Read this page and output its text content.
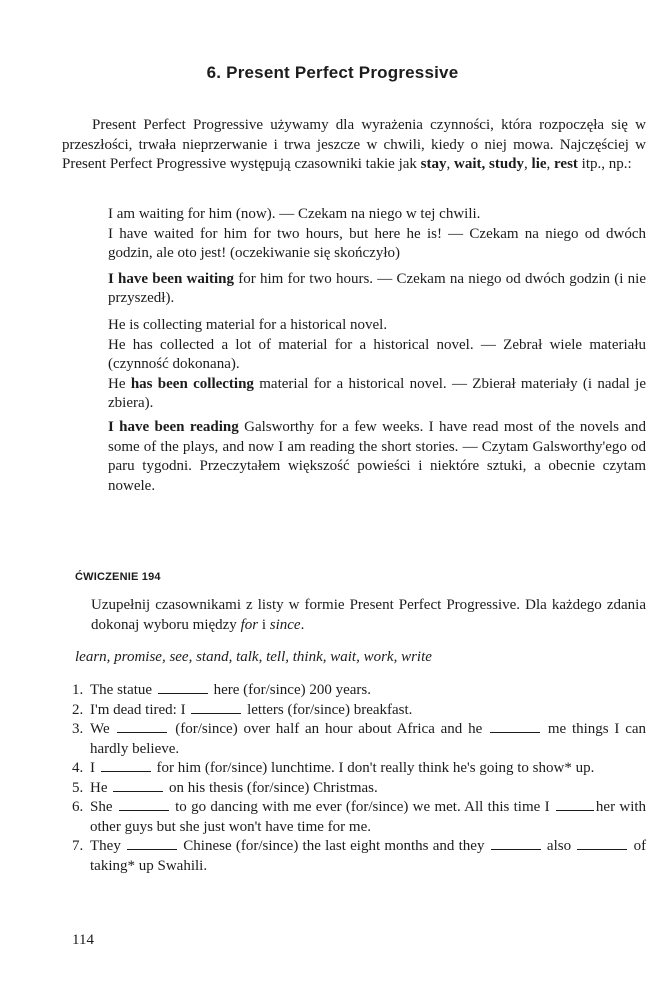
6. Present Perfect Progressive
Present Perfect Progressive używamy dla wyrażenia czynności, która rozpoczęła się w przeszłości, trwała nieprzerwanie i trwa jeszcze w chwili, kiedy o niej mowa. Najczęściej w Present Perfect Progressive występują czasowniki takie jak stay, wait, study, lie, rest itp., np.:

I am waiting for him (now). — Czekam na niego w tej chwili.

I have waited for him for two hours, but here he is! — Czekam na niego od dwóch godzin, ale oto jest! (oczekiwanie się skończyło)

I have been waiting for him for two hours. — Czekam na niego od dwóch godzin (i nie przyszedł).

He is collecting material for a historical novel.

He has collected a lot of material for a historical novel. — Zebrał wiele materiału (czynność dokonana).

He has been collecting material for a historical novel. — Zbierał materiały (i nadal je zbiera).

I have been reading Galsworthy for a few weeks. I have read most of the novels and some of the plays, and now I am reading the short stories. — Czytam Galsworthy'ego od paru tygodni. Przeczytałem większość powieści i niektóre sztuki, a obecnie czytam nowele.

ĆWICZENIE 194
Uzupełnij czasownikami z listy w formie Present Perfect Progressive. Dla każdego zdania dokonaj wyboru między for i since.
learn, promise, see, stand, talk, tell, think, wait, work, write
1. The statue	here (for/since) 200 years.
2. I'm dead tired: I	letters (for/since) breakfast.
3. We	(for/since) over half an hour about Africa and he	me things I can hardly believe.
4. I	for him (for/since) lunchtime. I don't really think he's going to show* up.
5. He	on his thesis (for/since) Christmas.
6. She	to go dancing with me ever (for/since) we met. All this time I	her with other guys but she just won't have time for me.
7. They	Chinese (for/since) the last eight months and they	also	of taking* up Swahili.
114
